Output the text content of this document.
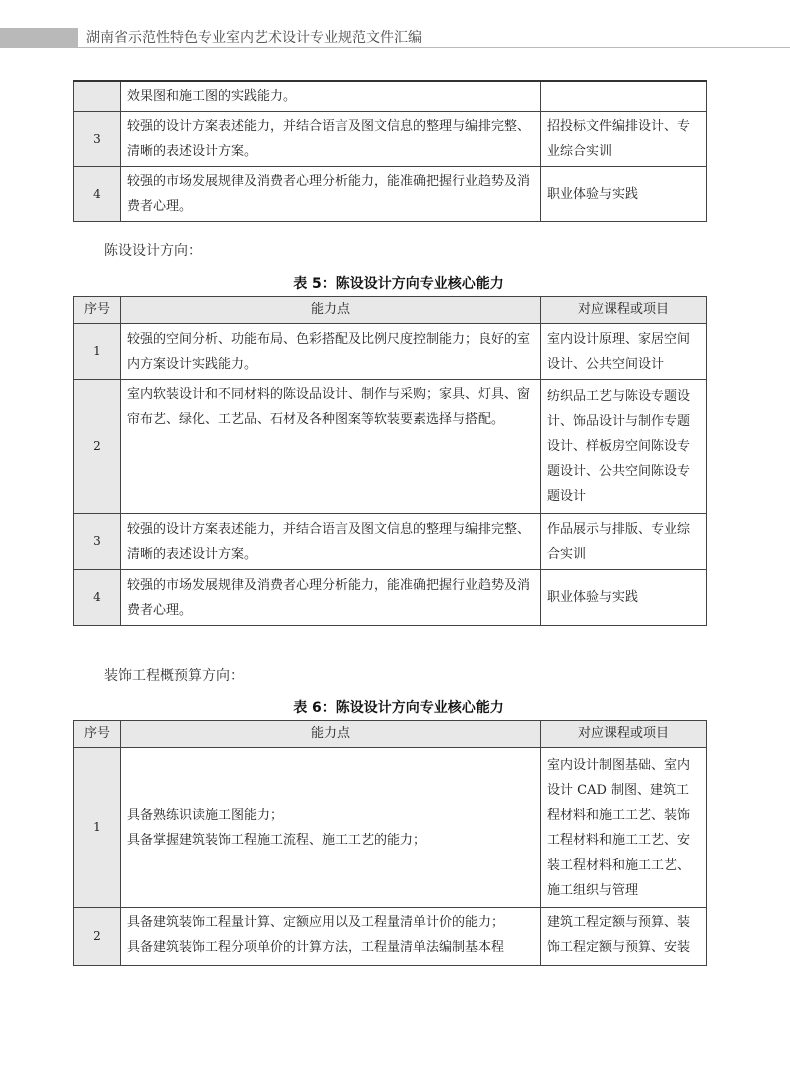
湖南省示范性特色专业室内艺术设计专业规范文件汇编
	效果图和施工图的实践能力。	
3	较强的设计方案表述能力，并结合语言及图文信息的整理与编排完整、清晰的表述设计方案。	招投标文件编排设计、专业综合实训
4	较强的市场发展规律及消费者心理分析能力，能准确把握行业趋势及消费者心理。	职业体验与实践
陈设设计方向：
表 5：陈设设计方向专业核心能力
序号	能力点	对应课程或项目
1	较强的空间分析、功能布局、色彩搭配及比例尺度控制能力；良好的室内方案设计实践能力。	室内设计原理、家居空间设计、公共空间设计
2	室内软装设计和不同材料的陈设品设计、制作与采购；家具、灯具、窗帘布艺、绿化、工艺品、石材及各种图案等软装要素选择与搭配。	纺织品工艺与陈设专题设计、饰品设计与制作专题设计、样板房空间陈设专题设计、公共空间陈设专题设计
3	较强的设计方案表述能力，并结合语言及图文信息的整理与编排完整、清晰的表述设计方案。	作品展示与排版、专业综合实训
4	较强的市场发展规律及消费者心理分析能力，能准确把握行业趋势及消费者心理。	职业体验与实践
装饰工程概预算方向：
表 6：陈设设计方向专业核心能力
序号	能力点	对应课程或项目
1	具备熟练识读施工图能力；
具备掌握建筑装饰工程施工流程、施工工艺的能力；	室内设计制图基础、室内设计 CAD 制图、建筑工程材料和施工工艺、装饰工程材料和施工工艺、安装工程材料和施工工艺、施工组织与管理
2	具备建筑装饰工程量计算、定额应用以及工程量清单计价的能力；
具备建筑装饰工程分项单价的计算方法，工程量清单法编制基本程	建筑工程定额与预算、装饰工程定额与预算、安装
